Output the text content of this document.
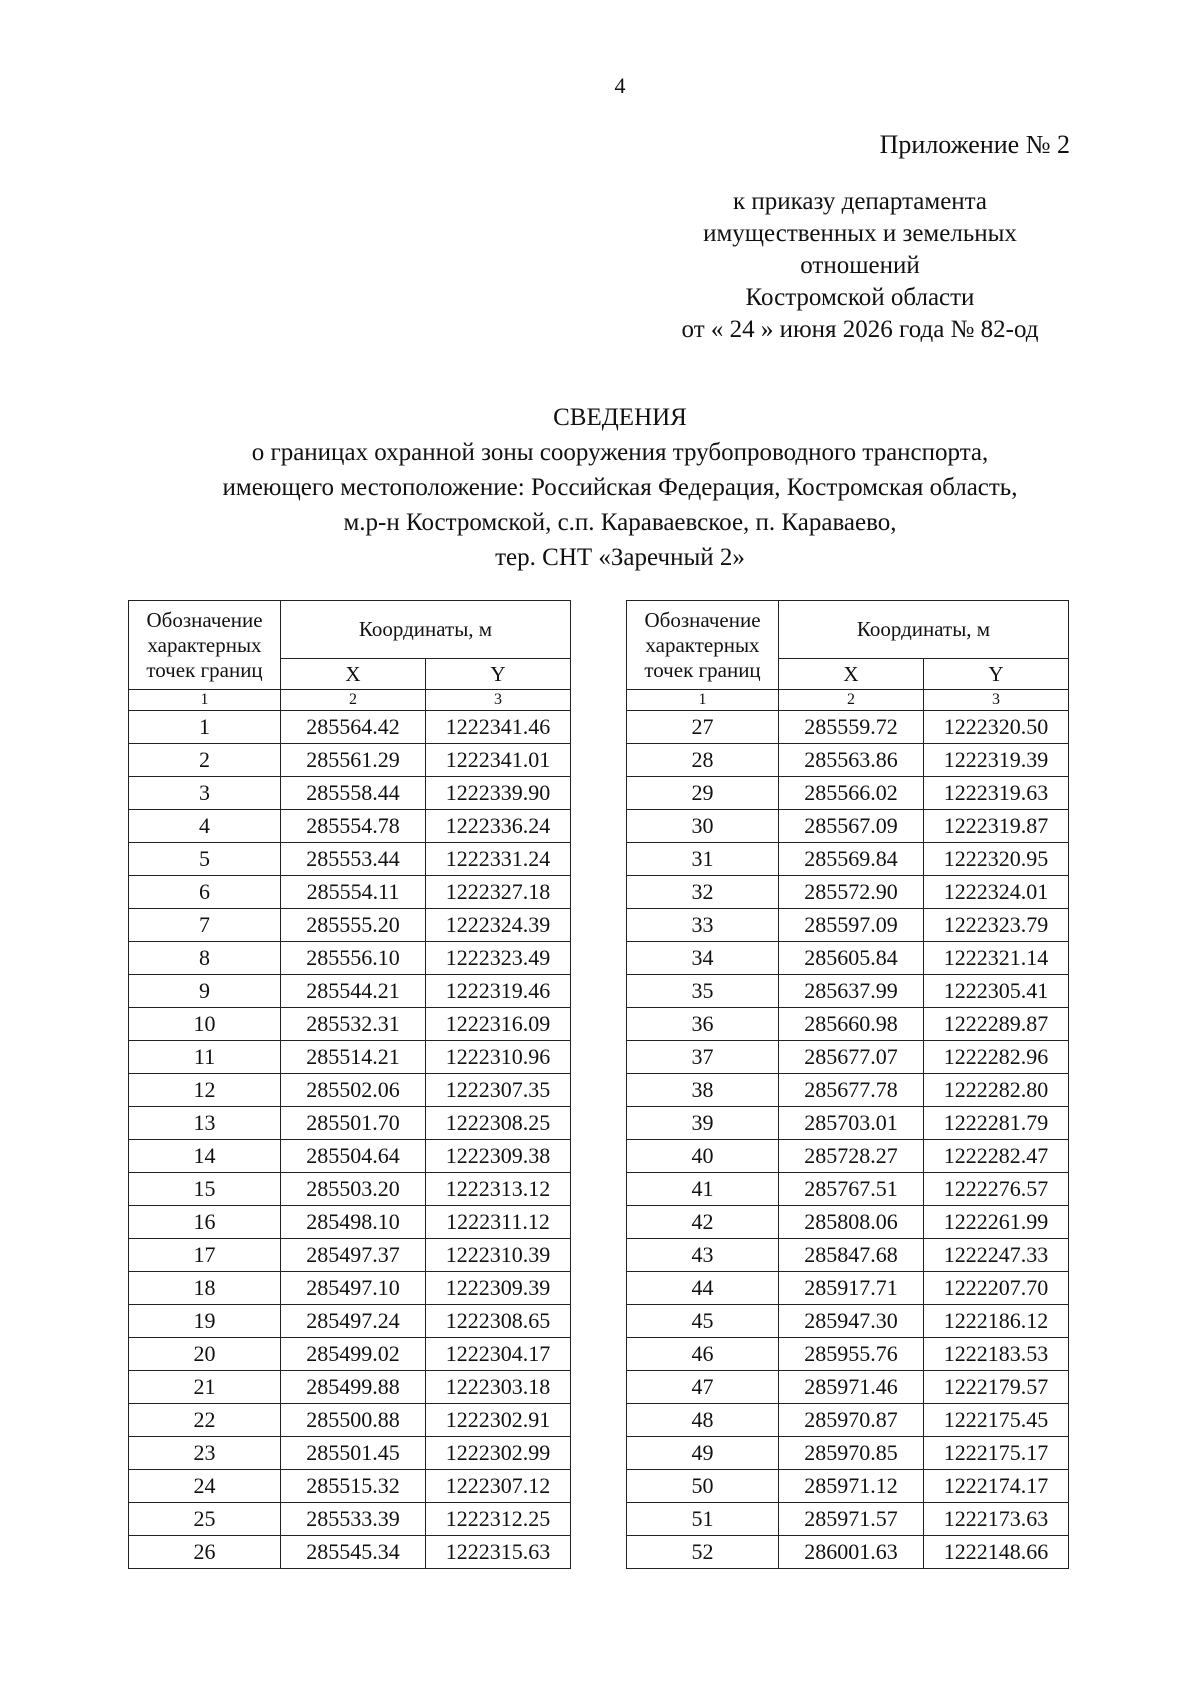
4
Приложение № 2
к приказу департамента
имущественных и земельных
отношений
Костромской области
от « 24 » июня 2026 года № 82-од
СВЕДЕНИЯ
о границах охранной зоны сооружения трубопроводного транспорта,
имеющего местоположение: Российская Федерация, Костромская область,
м.р-н Костромской, с.п. Караваевское, п. Караваево,
тер. СНТ «Заречный 2»
Обозначение
характерных
точек границ	Координаты, м	
	X	Y
1	2	3
1	285564.42	1222341.46
2	285561.29	1222341.01
3	285558.44	1222339.90
4	285554.78	1222336.24
5	285553.44	1222331.24
6	285554.11	1222327.18
7	285555.20	1222324.39
8	285556.10	1222323.49
9	285544.21	1222319.46
10	285532.31	1222316.09
11	285514.21	1222310.96
12	285502.06	1222307.35
13	285501.70	1222308.25
14	285504.64	1222309.38
15	285503.20	1222313.12
16	285498.10	1222311.12
17	285497.37	1222310.39
18	285497.10	1222309.39
19	285497.24	1222308.65
20	285499.02	1222304.17
21	285499.88	1222303.18
22	285500.88	1222302.91
23	285501.45	1222302.99
24	285515.32	1222307.12
25	285533.39	1222312.25
26	285545.34	1222315.63
Обозначение
характерных
точек границ	Координаты, м	
	X	Y
1	2	3
27	285559.72	1222320.50
28	285563.86	1222319.39
29	285566.02	1222319.63
30	285567.09	1222319.87
31	285569.84	1222320.95
32	285572.90	1222324.01
33	285597.09	1222323.79
34	285605.84	1222321.14
35	285637.99	1222305.41
36	285660.98	1222289.87
37	285677.07	1222282.96
38	285677.78	1222282.80
39	285703.01	1222281.79
40	285728.27	1222282.47
41	285767.51	1222276.57
42	285808.06	1222261.99
43	285847.68	1222247.33
44	285917.71	1222207.70
45	285947.30	1222186.12
46	285955.76	1222183.53
47	285971.46	1222179.57
48	285970.87	1222175.45
49	285970.85	1222175.17
50	285971.12	1222174.17
51	285971.57	1222173.63
52	286001.63	1222148.66
